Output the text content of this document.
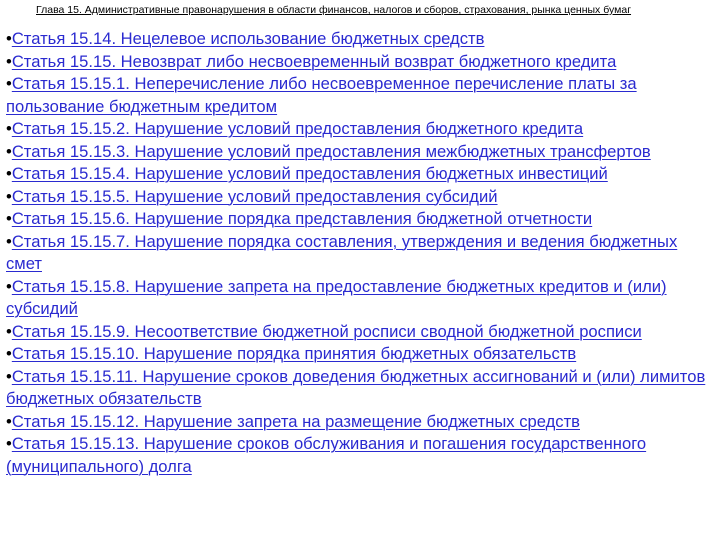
Глава 15. Административные правонарушения в области финансов, налогов и сборов, страхования, рынка ценных бумаг
•Статья 15.14. Нецелевое использование бюджетных средств
•Статья 15.15. Невозврат либо несвоевременный возврат бюджетного кредита
•Статья 15.15.1. Неперечисление либо несвоевременное перечисление платы за пользование бюджетным кредитом
•Статья 15.15.2. Нарушение условий предоставления бюджетного кредита
•Статья 15.15.3. Нарушение условий предоставления межбюджетных трансфертов
•Статья 15.15.4. Нарушение условий предоставления бюджетных инвестиций
•Статья 15.15.5. Нарушение условий предоставления субсидий
•Статья 15.15.6. Нарушение порядка представления бюджетной отчетности
•Статья 15.15.7. Нарушение порядка составления, утверждения и ведения бюджетных смет
•Статья 15.15.8. Нарушение запрета на предоставление бюджетных кредитов и (или) субсидий
•Статья 15.15.9. Несоответствие бюджетной росписи сводной бюджетной росписи
•Статья 15.15.10. Нарушение порядка принятия бюджетных обязательств
•Статья 15.15.11. Нарушение сроков доведения бюджетных ассигнований и (или) лимитов бюджетных обязательств
•Статья 15.15.12. Нарушение запрета на размещение бюджетных средств
•Статья 15.15.13. Нарушение сроков обслуживания и погашения государственного (муниципального) долга
